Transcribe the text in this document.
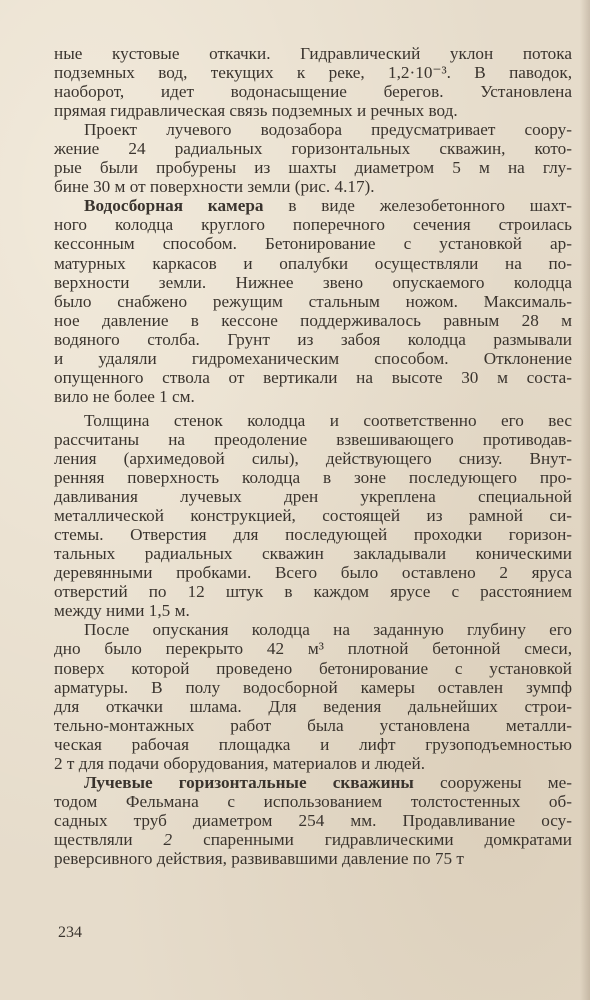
ные кустовые откачки. Гидравлический уклон потока
подземных вод, текущих к реке, 1,2·10⁻³. В паводок,
наоборот, идет водонасыщение берегов. Установлена
прямая гидравлическая связь подземных и речных вод.
Проект лучевого водозабора предусматривает соору-
жение 24 радиальных горизонтальных скважин, кото-
рые были пробурены из шахты диаметром 5 м на глу-
бине 30 м от поверхности земли (рис. 4.17).
Водосборная камера в виде железобетонного шахт-
ного колодца круглого поперечного сечения строилась
кессонным способом. Бетонирование с установкой ар-
матурных каркасов и опалубки осуществляли на по-
верхности земли. Нижнее звено опускаемого колодца
было снабжено режущим стальным ножом. Максималь-
ное давление в кессоне поддерживалось равным 28 м
водяного столба. Грунт из забоя колодца размывали
и удаляли гидромеханическим способом. Отклонение
опущенного ствола от вертикали на высоте 30 м соста-
вило не более 1 см.
Толщина стенок колодца и соответственно его вес
рассчитаны на преодоление взвешивающего противодав-
ления (архимедовой силы), действующего снизу. Внут-
ренняя поверхность колодца в зоне последующего про-
давливания лучевых дрен укреплена специальной
металлической конструкцией, состоящей из рамной си-
стемы. Отверстия для последующей проходки горизон-
тальных радиальных скважин закладывали коническими
деревянными пробками. Всего было оставлено 2 яруса
отверстий по 12 штук в каждом ярусе с расстоянием
между ними 1,5 м.
После опускания колодца на заданную глубину его
дно было перекрыто 42 м³ плотной бетонной смеси,
поверх которой проведено бетонирование с установкой
арматуры. В полу водосборной камеры оставлен зумпф
для откачки шлама. Для ведения дальнейших строи-
тельно-монтажных работ была установлена металли-
ческая рабочая площадка и лифт грузоподъемностью
2 т для подачи оборудования, материалов и людей.
Лучевые горизонтальные скважины сооружены ме-
тодом Фельмана с использованием толстостенных об-
садных труб диаметром 254 мм. Продавливание осу-
ществляли 2 спаренными гидравлическими домкратами
реверсивного действия, развивавшими давление по 75 т
234
